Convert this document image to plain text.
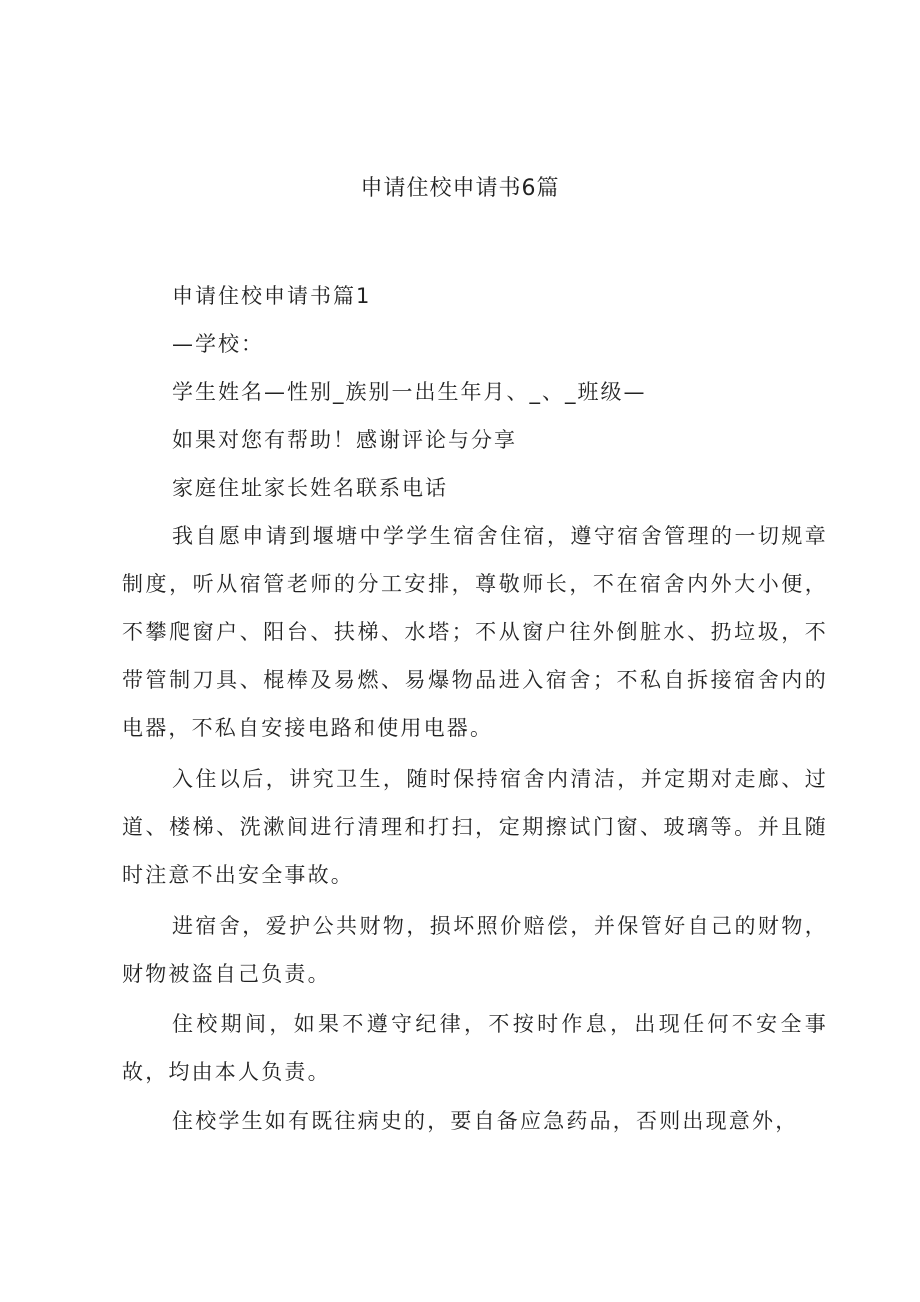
申请住校申请书6篇
申请住校申请书篇1
—学校：
学生姓名—性别_族别一出生年月、_、_班级—
如果对您有帮助！感谢评论与分享
家庭住址家长姓名联系电话

我自愿申请到堰塘中学学生宿舍住宿，遵守宿舍管理的一切规章制度，听从宿管老师的分工安排，尊敬师长，不在宿舍内外大小便，不攀爬窗户、阳台、扶梯、水塔；不从窗户往外倒脏水、扔垃圾，不带管制刀具、棍棒及易燃、易爆物品进入宿舍；不私自拆接宿舍内的电器，不私自安接电路和使用电器。

入住以后，讲究卫生，随时保持宿舍内清洁，并定期对走廊、过道、楼梯、洗漱间进行清理和打扫，定期擦试门窗、玻璃等。并且随时注意不出安全事故。

进宿舍，爱护公共财物，损坏照价赔偿，并保管好自己的财物，财物被盗自己负责。

住校期间，如果不遵守纪律，不按时作息，出现任何不安全事故，均由本人负责。

住校学生如有既往病史的，要自备应急药品，否则出现意外，
